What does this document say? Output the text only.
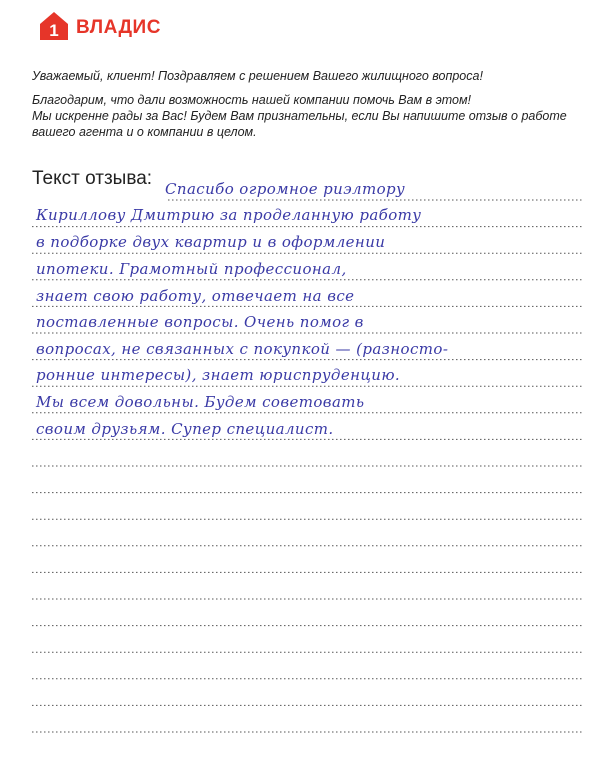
1 ВЛАДИС

Уважаемый, клиент! Поздравляем с решением Вашего жилищного вопроса!

Благодарим, что дали возможность нашей компании помочь Вам в этом!

Мы искренне рады за Вас! Будем Вам признательны, если Вы напишите отзыв о работе

вашего агента и о компании в целом.

Текст отзыва: Спасибо огромное риэлтору
Кириллову Дмитрию за проделанную работу
в подборке двух квартир и в оформлении
ипотеки. Грамотный профессионал,
знает свою работу, отвечает на все
поставленные вопросы. Очень помог в
вопросах, не связанных с покупкой — (разносто-
ронние интересы), знает юриспруденцию.
Мы всем довольны. Будем советовать
своим друзьям. Супер специалист.
